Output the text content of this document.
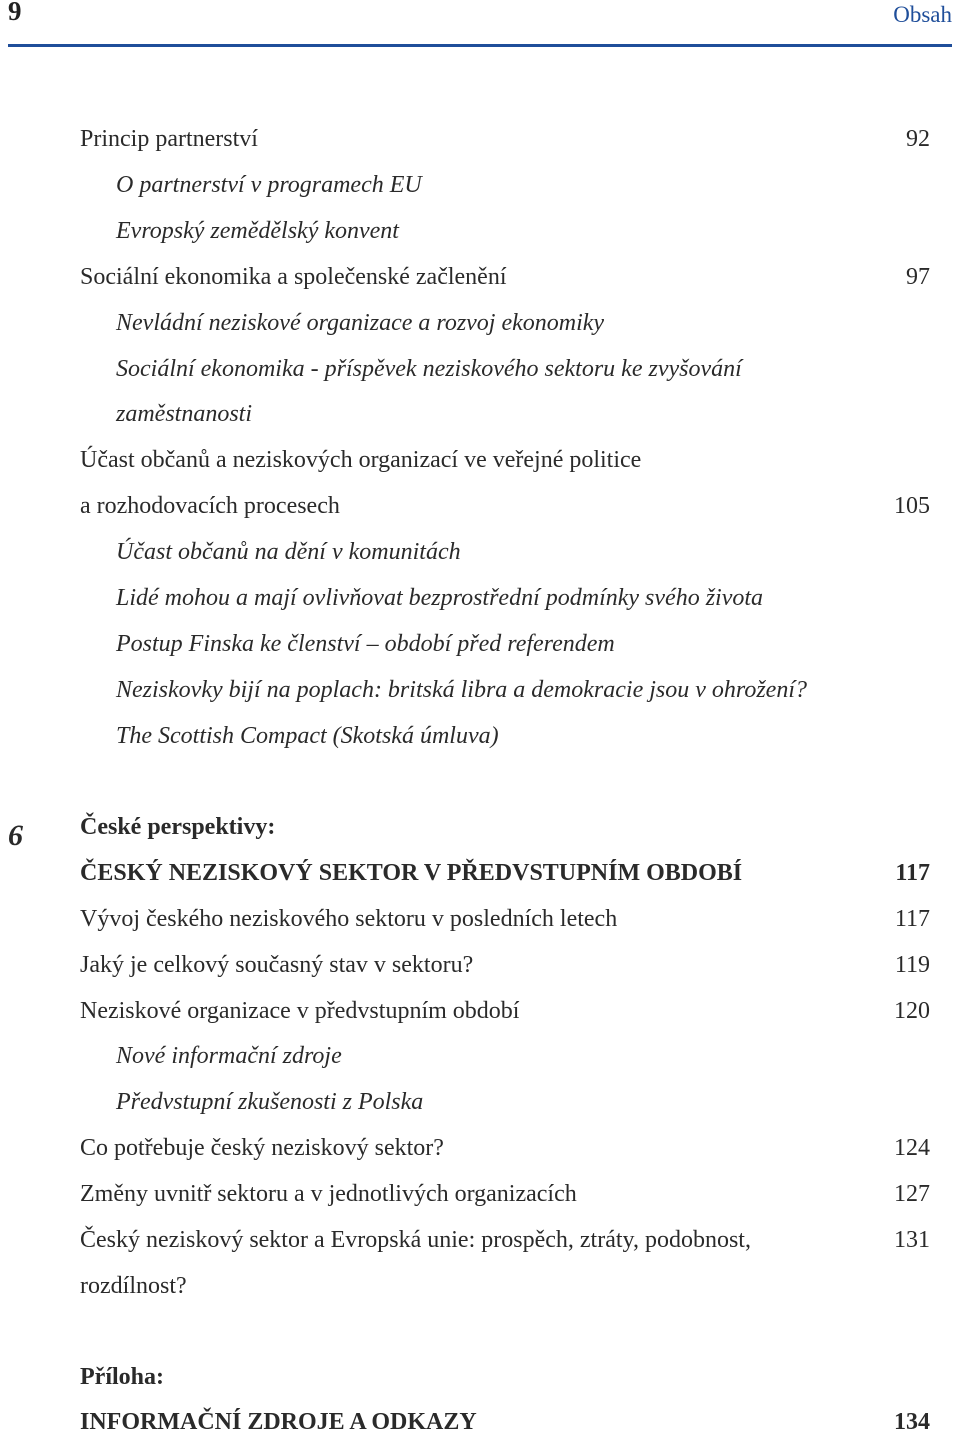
9	Obsah
6
Princip partnerství	92
O partnerství v programech EU
Evropský zemědělský konvent
Sociální ekonomika a společenské začlenění	97
Nevládní neziskové organizace a rozvoj ekonomiky
Sociální ekonomika - příspěvek neziskového sektoru ke zvyšování
zaměstnanosti
Účast občanů a neziskových organizací ve veřejné politice
a rozhodovacích procesech	105
Účast občanů na dění v komunitách
Lidé mohou a mají ovlivňovat bezprostřední podmínky svého života
Postup Finska ke členství – období před referendem
Neziskovky bijí na poplach: britská libra a demokracie jsou v ohrožení?
The Scottish Compact (Skotská úmluva)
České perspektivy:
ČESKÝ NEZISKOVÝ SEKTOR V PŘEDVSTUPNÍM OBDOBÍ	117
Vývoj českého neziskového sektoru v posledních letech	117
Jaký je celkový současný stav v sektoru?	119
Neziskové organizace v předvstupním období	120
Nové informační zdroje
Předvstupní zkušenosti z Polska
Co potřebuje český neziskový sektor?	124
Změny uvnitř sektoru a v jednotlivých organizacích	127
Český neziskový sektor a Evropská unie: prospěch, ztráty, podobnost,	131
rozdílnost?
Příloha:
INFORMAČNÍ ZDROJE A ODKAZY	134
